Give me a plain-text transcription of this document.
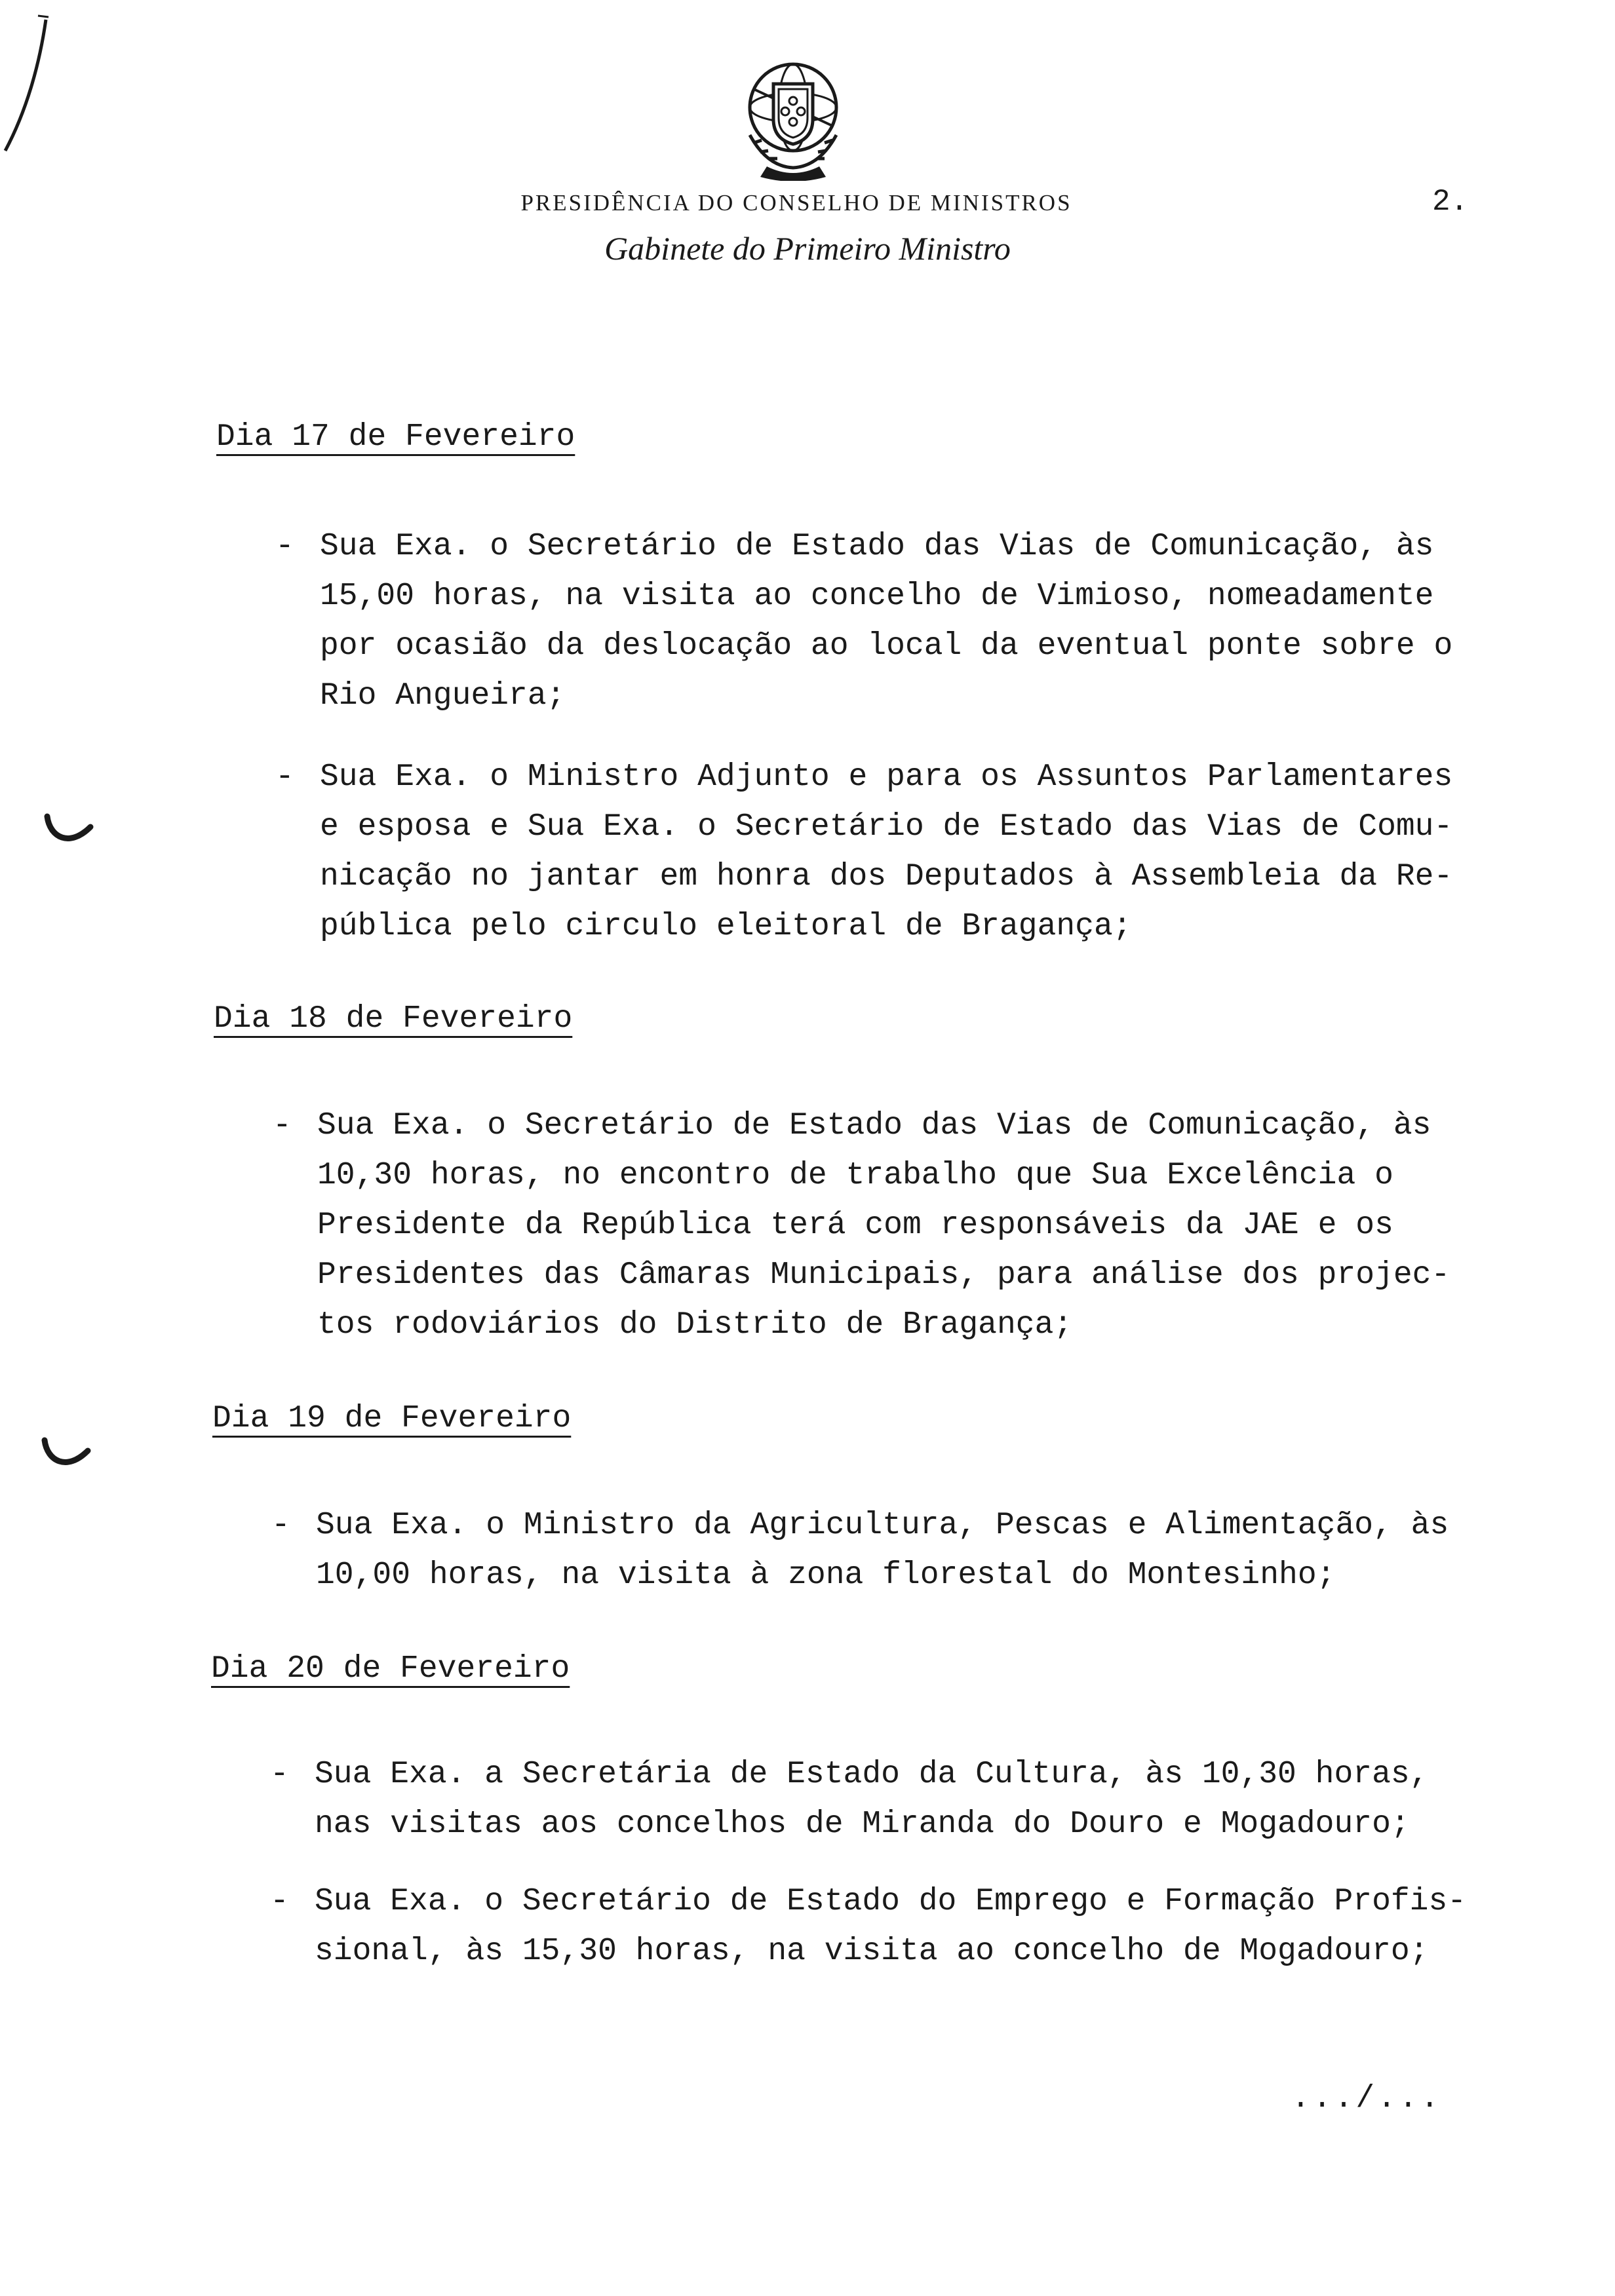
PRESIDÊNCIA DO CONSELHO DE MINISTROS	2.
Gabinete do Primeiro Ministro
Dia 17 de Fevereiro
- Sua Exa. o Secretário de Estado das Vias de Comunicação, às
15,00 horas, na visita ao concelho de Vimioso, nomeadamente
por ocasião da deslocação ao local da eventual ponte sobre o
Rio Angueira;
- Sua Exa. o Ministro Adjunto e para os Assuntos Parlamentares
e esposa e Sua Exa. o Secretário de Estado das Vias de Comu-
nicação no jantar em honra dos Deputados à Assembleia da Re-
pública pelo circulo eleitoral de Bragança;
Dia 18 de Fevereiro
- Sua Exa. o Secretário de Estado das Vias de Comunicação, às
10,30 horas, no encontro de trabalho que Sua Excelência o
Presidente da República terá com responsáveis da JAE e os
Presidentes das Câmaras Municipais, para análise dos projec-
tos rodoviários do Distrito de Bragança;
Dia 19 de Fevereiro
- Sua Exa. o Ministro da Agricultura, Pescas e Alimentação, às
10,00 horas, na visita à zona florestal do Montesinho;
Dia 20 de Fevereiro
- Sua Exa. a Secretária de Estado da Cultura, às 10,30 horas,
nas visitas aos concelhos de Miranda do Douro e Mogadouro;
- Sua Exa. o Secretário de Estado do Emprego e Formação Profis-
sional, às 15,30 horas, na visita ao concelho de Mogadouro;
.../...
